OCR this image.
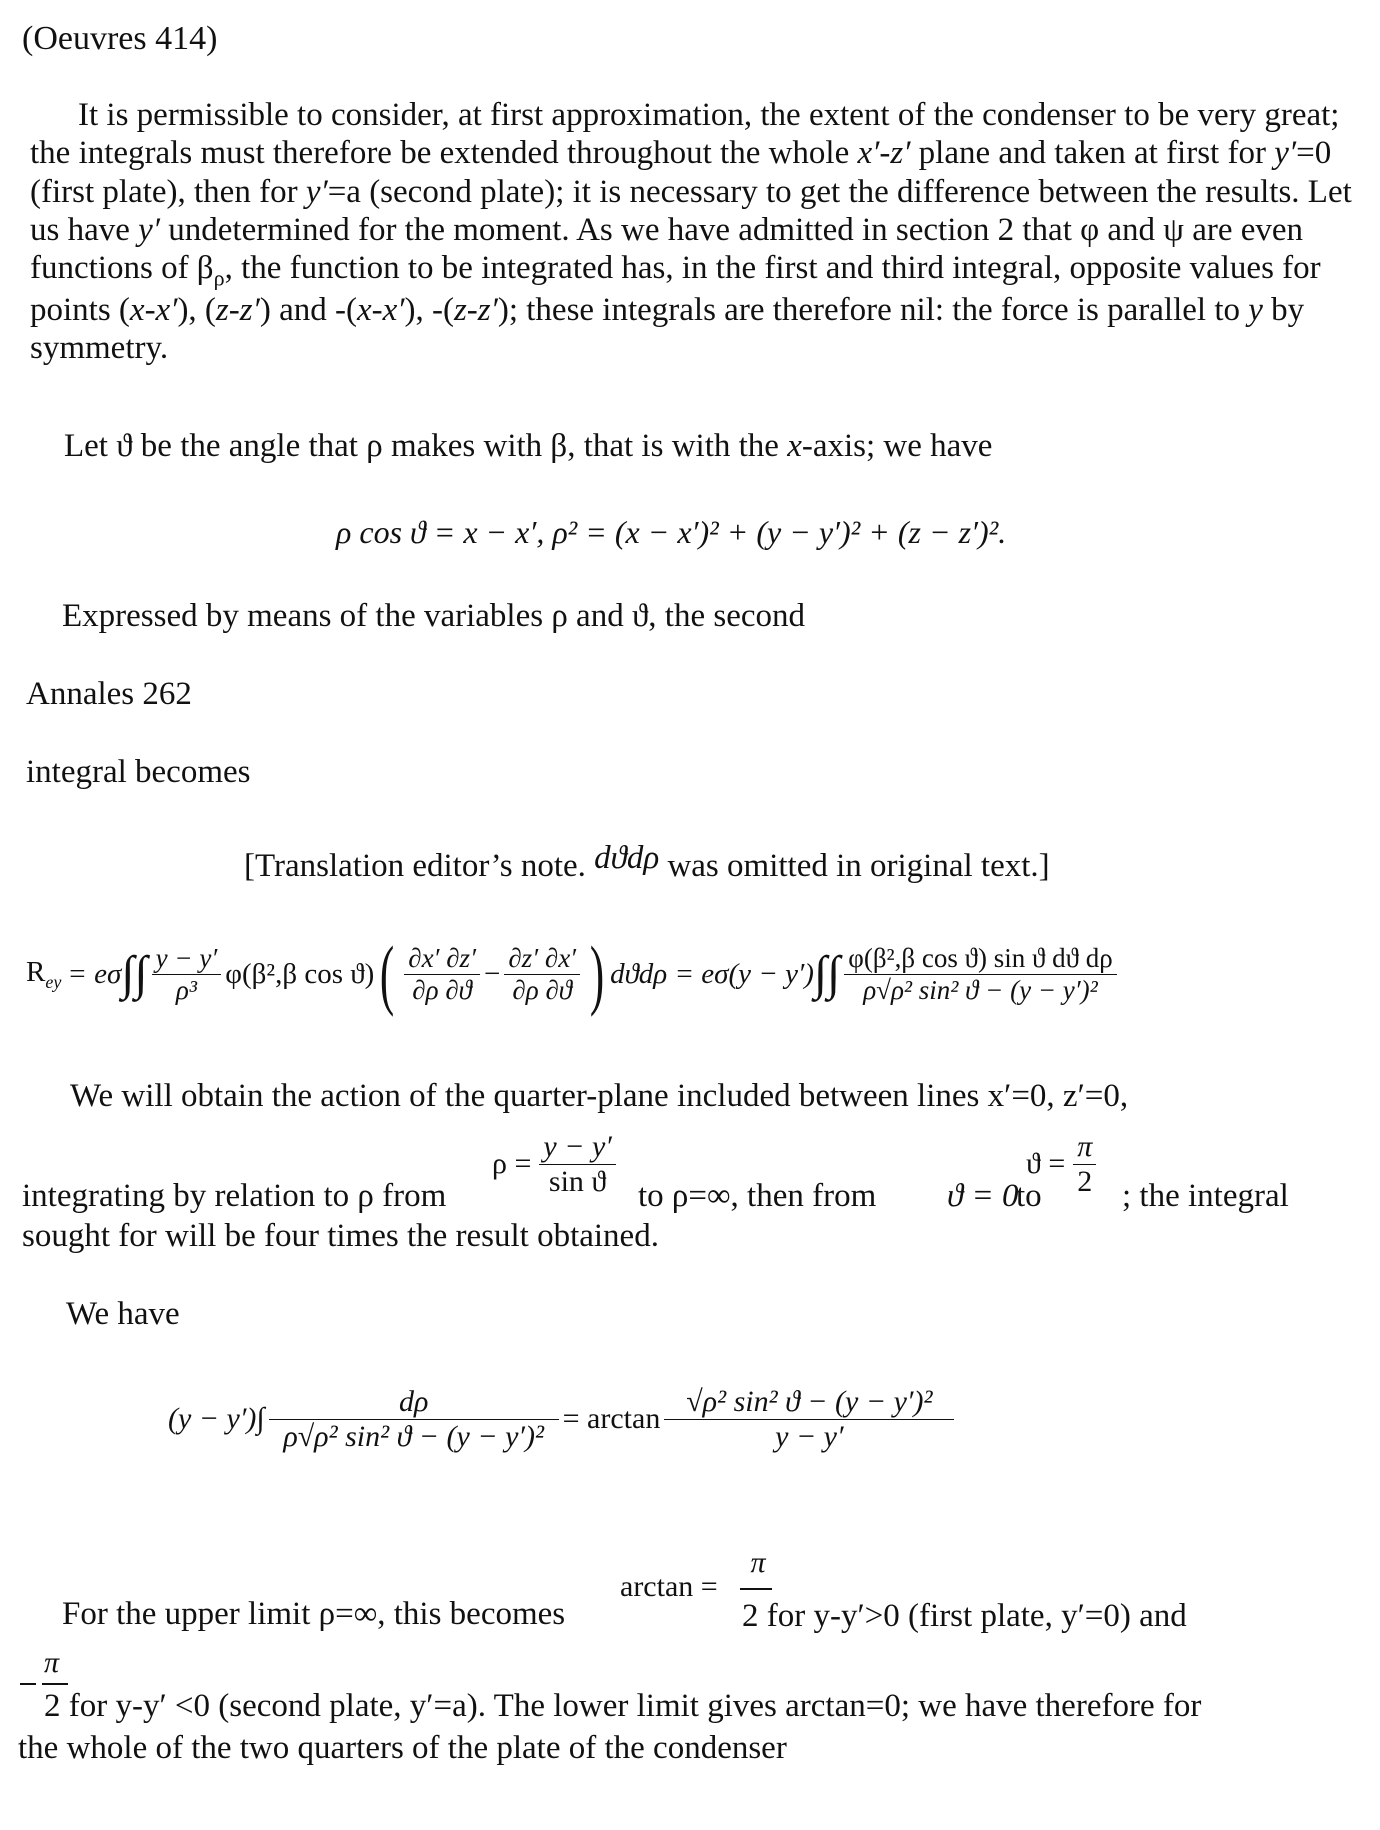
(Oeuvres 414)
It is permissible to consider, at first approximation, the extent of the condenser to be very great; the integrals must therefore be extended throughout the whole x′-z′ plane and taken at first for y′=0 (first plate), then for y′=a (second plate); it is necessary to get the difference between the results. Let us have y′ undetermined for the moment. As we have admitted in section 2 that φ and ψ are even functions of $\beta_\rho$, the function to be integrated has, in the first and third integral, opposite values for points (x-x′), (z-z′) and -(x-x′), -(z-z′); these integrals are therefore nil: the force is parallel to y by symmetry.
Let ϑ be the angle that ρ makes with β, that is with the x-axis; we have
ρ cos ϑ = x − x′, ρ² = (x − x′)² + (y − y′)² + (z − z′)².
Expressed by means of the variables ρ and ϑ, the second
Annales 262
integral becomes
[Translation editor’s note. dϑdρ was omitted in original text.]
$R_{ey} = e\sigma$ ∫∫ $\frac{y - y'}{\text{ρ³}} \varphi(\beta^2,\beta$ cos ϑ) ( $\frac{\partial x' \partial z'}{\partial\rho \partial ϑ} - \frac{\partial z' \partial x'}{\partial\rho \partial ϑ}$ ) dϑdρ = eσ(y − y′) ∫∫ $\frac{\text{φ(β²,β cos ϑ) sin ϑ dϑ dρ}}{\text{ρ√ρ² sin² ϑ − (y − y′)²}}$
We will obtain the action of the quarter-plane included between lines x′=0, z′=0,
$\rho = \frac{y - y'}{\text{sin ϑ}}$	$ϑ = \frac{\pi}{2}$
integrating by relation to ρ from	to ρ=∞, then from ϑ = 0
to ; the integral
sought for will be four times the result obtained.
We have
$(y - y')\int \frac{d\rho}{\text{ρ√ρ² sin² ϑ − (y − y′)²}} = \arctan \frac{\text{√ρ² sin² ϑ − (y − y′)²}}{y - y'}$
arctan =
π
For the upper limit ρ=∞, this becomes	2 for y-y′>0 (first plate, y′=0) and
π
2 for y-y′ <0 (second plate, y′=a). The lower limit gives arctan=0; we have therefore for
the whole of the two quarters of the plate of the condenser
